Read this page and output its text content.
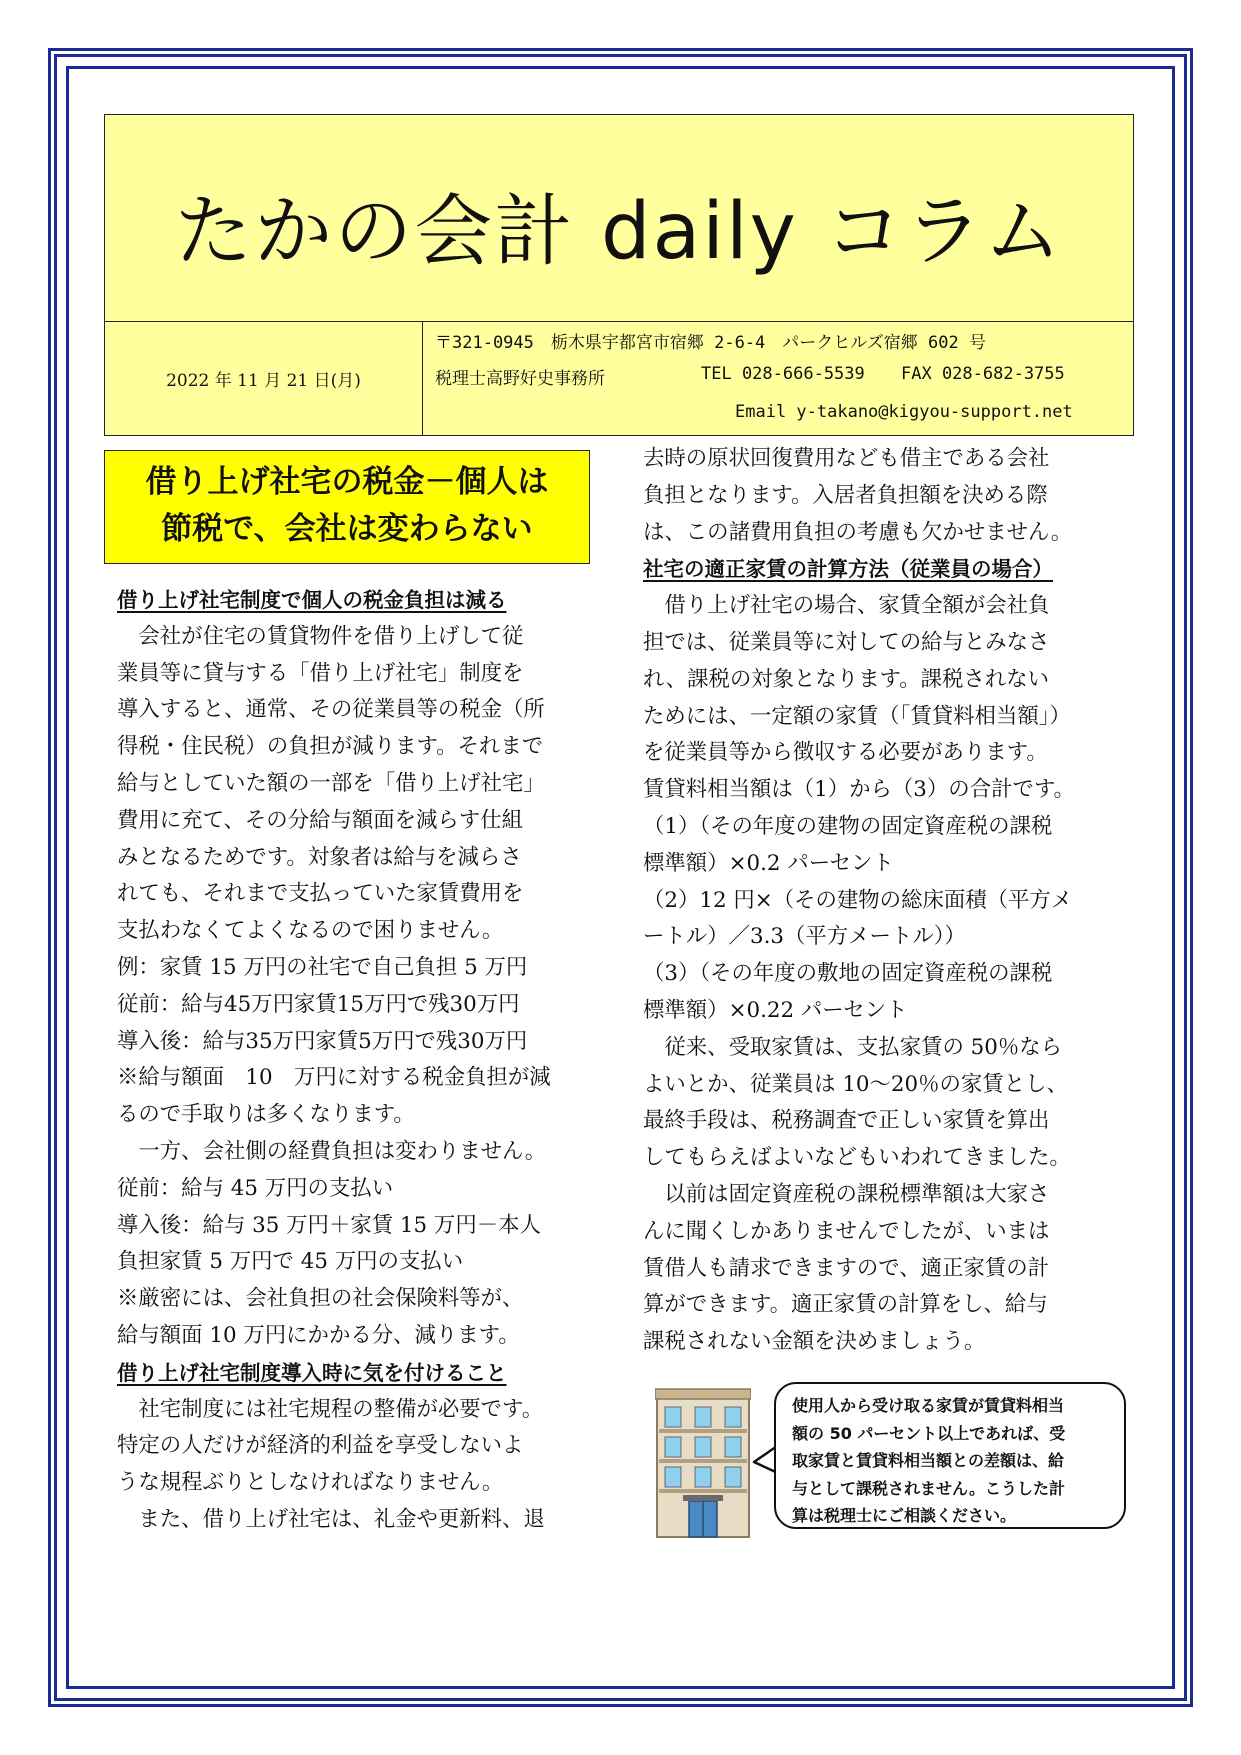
たかの会計 daily コラム
2022 年 11 月 21 日(月)
〒321-0945　栃木県宇都宮市宿郷 2-6-4　パークヒルズ宿郷 602 号
税理士高野好史事務所	TEL 028-666-5539 FAX 028-682-3755
Email y-takano@kigyou-support.net
借り上げ社宅の税金－個人は
節税で、会社は変わらない

借り上げ社宅制度で個人の税金負担は減る

　会社が住宅の賃貸物件を借り上げして従

業員等に貸与する「借り上げ社宅」制度を

導入すると、通常、その従業員等の税金（所

得税・住民税）の負担が減ります。それまで

給与としていた額の一部を「借り上げ社宅」

費用に充て、その分給与額面を減らす仕組

みとなるためです。対象者は給与を減らさ

れても、それまで支払っていた家賃費用を

支払わなくてよくなるので困りません。

例：家賃 15 万円の社宅で自己負担 5 万円

従前：給与45万円家賃15万円で残30万円

導入後：給与35万円家賃5万円で残30万円

※給与額面　10　万円に対する税金負担が減

るので手取りは多くなります。

　一方、会社側の経費負担は変わりません。

従前：給与 45 万円の支払い

導入後：給与 35 万円＋家賃 15 万円－本人

負担家賃 5 万円で 45 万円の支払い

※厳密には、会社負担の社会保険料等が、

給与額面 10 万円にかかる分、減ります。

借り上げ社宅制度導入時に気を付けること

　社宅制度には社宅規程の整備が必要です。

特定の人だけが経済的利益を享受しないよ

うな規程ぶりとしなければなりません。

　また、借り上げ社宅は、礼金や更新料、退

去時の原状回復費用なども借主である会社

負担となります。入居者負担額を決める際

は、この諸費用負担の考慮も欠かせません。

社宅の適正家賃の計算方法（従業員の場合）

　借り上げ社宅の場合、家賃全額が会社負

担では、従業員等に対しての給与とみなさ

れ、課税の対象となります。課税されない

ためには、一定額の家賃（「賃貸料相当額」）

を従業員等から徴収する必要があります。

賃貸料相当額は（1）から（3）の合計です。

（1）（その年度の建物の固定資産税の課税

標準額）×0.2 パーセント

（2）12 円×（その建物の総床面積（平方メ

ートル）／3.3（平方メートル））

（3）（その年度の敷地の固定資産税の課税

標準額）×0.22 パーセント

　従来、受取家賃は、支払家賃の 50％なら

よいとか、従業員は 10～20％の家賃とし、

最終手段は、税務調査で正しい家賃を算出

してもらえばよいなどもいわれてきました。

　以前は固定資産税の課税標準額は大家さ

んに聞くしかありませんでしたが、いまは

賃借人も請求できますので、適正家賃の計

算ができます。適正家賃の計算をし、給与

課税されない金額を決めましょう。

使用人から受け取る家賃が賃貸料相当

額の 50 パーセント以上であれば、受

取家賃と賃貸料相当額との差額は、給

与として課税されません。こうした計

算は税理士にご相談ください。
